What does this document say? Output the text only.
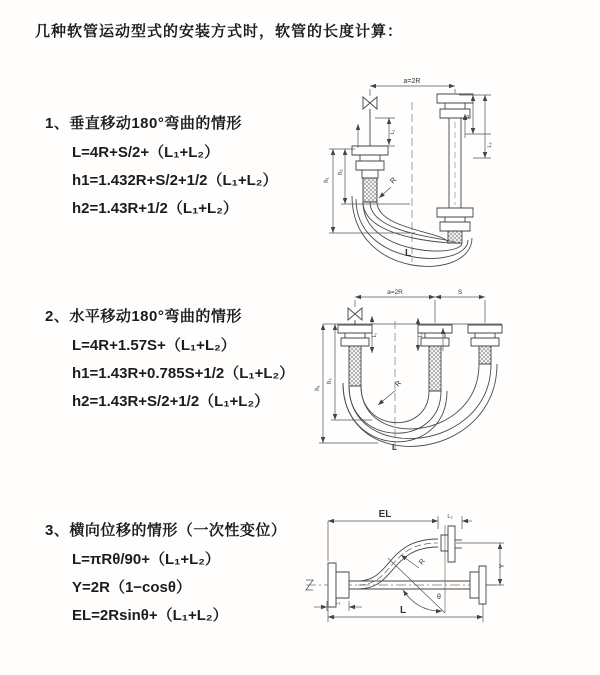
几种软管运动型式的安装方式时，软管的长度计算：
1、垂直移动180°弯曲的情形
L=4R+S/2+（L₁+L₂）
h1=1.432R+S/2+1/2（L₁+L₂）
h2=1.43R+1/2（L₁+L₂）
2、水平移动180°弯曲的情形
L=4R+1.57S+（L₁+L₂）
h1=1.43R+0.785S+1/2（L₁+L₂）
h2=1.43R+S/2+1/2（L₁+L₂）
3、横向位移的情形（一次性变位）
L=πRθ/90+（L₁+L₂）
Y=2R（1−cosθ）
EL=2Rsinθ+（L₁+L₂）
a=2R
h₁
h₂
L₁
S
L₂
R
L
a=2R	S
h₁
h₂
L₁	L₂
R
L
EL	L₂
Y
R
θ
L
L₁
